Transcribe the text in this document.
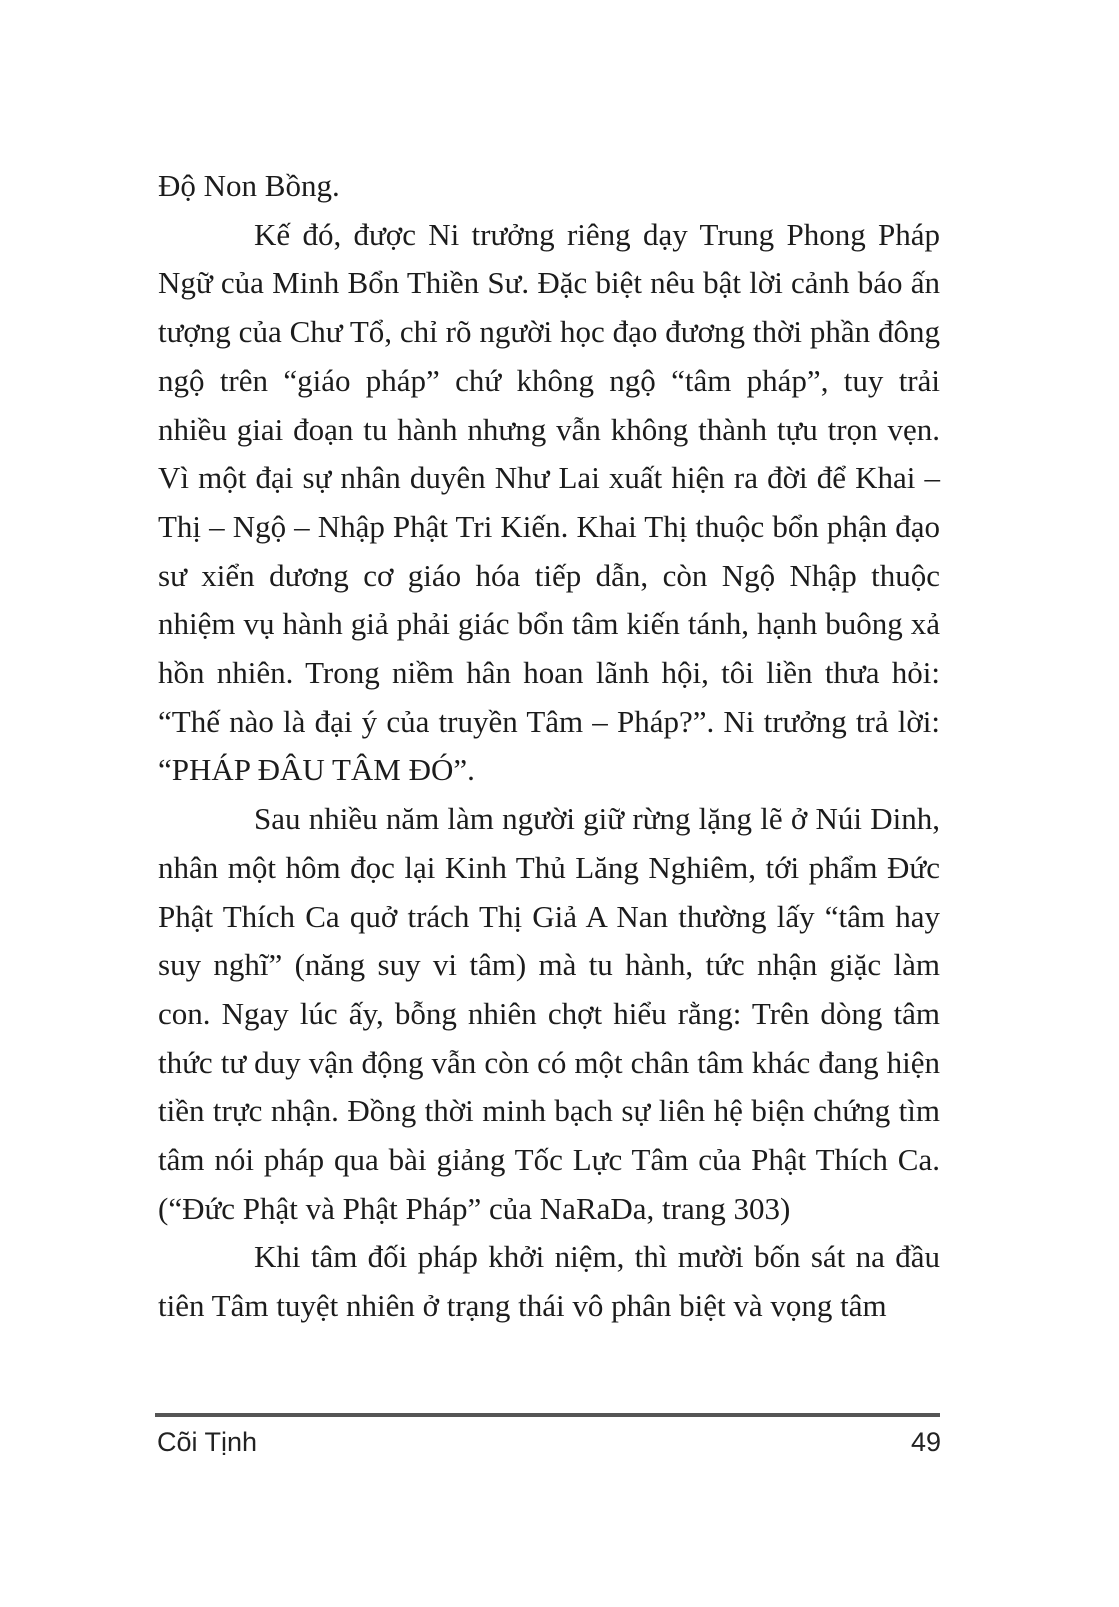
Độ Non Bồng.

Kế đó, được Ni trưởng riêng dạy Trung Phong Pháp Ngữ của Minh Bổn Thiền Sư. Đặc biệt nêu bật lời cảnh báo ấn tượng của Chư Tổ, chỉ rõ người học đạo đương thời phần đông ngộ trên “giáo pháp” chứ không ngộ “tâm pháp”, tuy trải nhiều giai đoạn tu hành nhưng vẫn không thành tựu trọn vẹn. Vì một đại sự nhân duyên Như Lai xuất hiện ra đời để Khai – Thị – Ngộ – Nhập Phật Tri Kiến. Khai Thị thuộc bổn phận đạo sư xiển dương cơ giáo hóa tiếp dẫn, còn Ngộ Nhập thuộc nhiệm vụ hành giả phải giác bổn tâm kiến tánh, hạnh buông xả hồn nhiên. Trong niềm hân hoan lãnh hội, tôi liền thưa hỏi: “Thế nào là đại ý của truyền Tâm – Pháp?”. Ni trưởng trả lời: “PHÁP ĐÂU TÂM ĐÓ”.

Sau nhiều năm làm người giữ rừng lặng lẽ ở Núi Dinh, nhân một hôm đọc lại Kinh Thủ Lăng Nghiêm, tới phẩm Đức Phật Thích Ca quở trách Thị Giả A Nan thường lấy “tâm hay suy nghĩ” (năng suy vi tâm) mà tu hành, tức nhận giặc làm con. Ngay lúc ấy, bỗng nhiên chợt hiểu rằng: Trên dòng tâm thức tư duy vận động vẫn còn có một chân tâm khác đang hiện tiền trực nhận. Đồng thời minh bạch sự liên hệ biện chứng tìm tâm nói pháp qua bài giảng Tốc Lực Tâm của Phật Thích Ca. (“Đức Phật và Phật Pháp” của NaRaDa, trang 303)

Khi tâm đối pháp khởi niệm, thì mười bốn sát na đầu tiên Tâm tuyệt nhiên ở trạng thái vô phân biệt và vọng tâm

Cõi Tịnh	49
